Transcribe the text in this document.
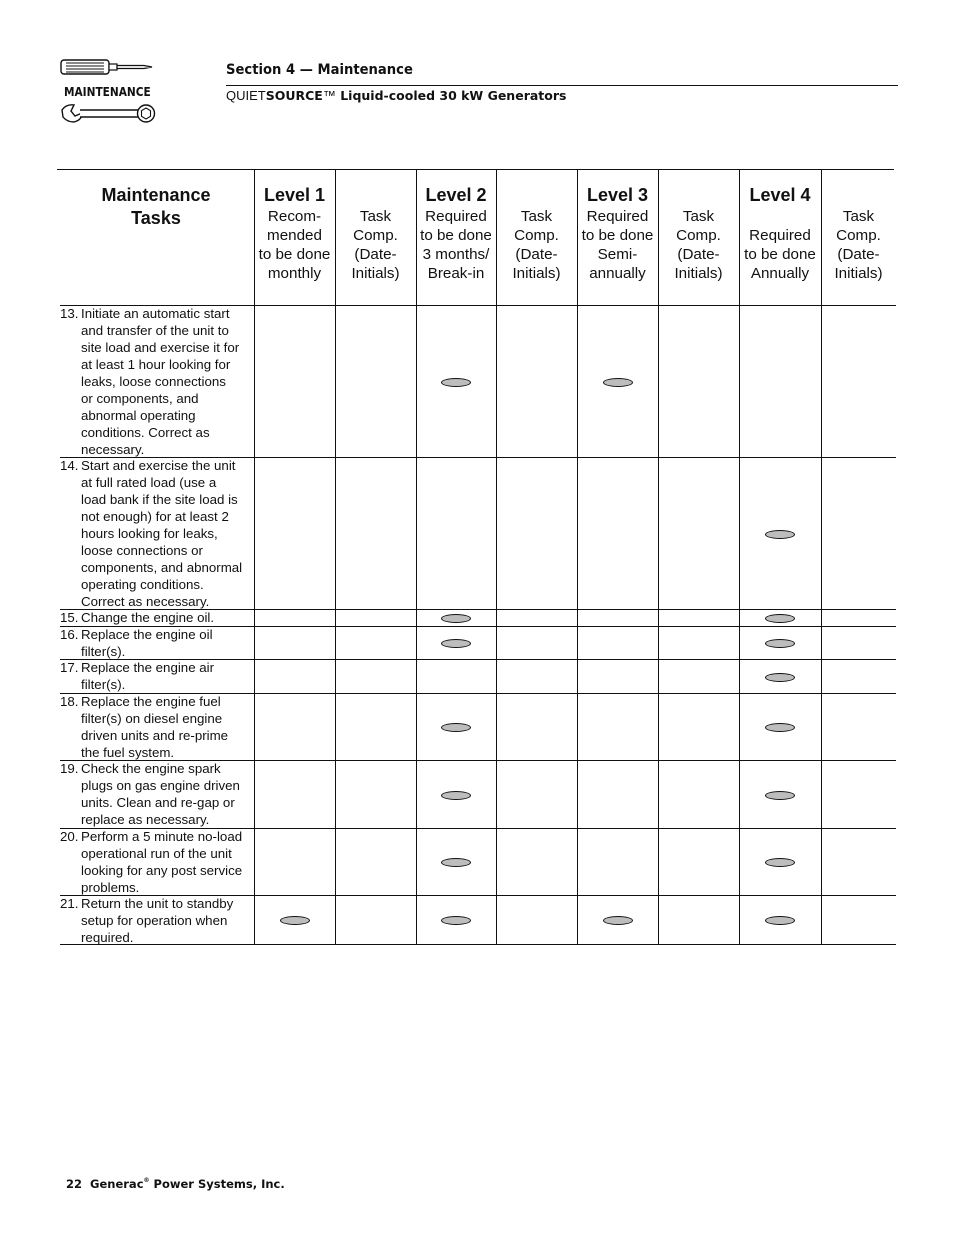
MAINTENANCE
Section 4 — Maintenance
QUIETSOURCE™ Liquid-cooled 30 kW Generators
Maintenance
Tasks
Level 1
Recom-
mended
to be done
monthly
Task
Comp.
(Date-
Initials)
Level 2
Required
to be done
3 months/
Break-in
Task
Comp.
(Date-
Initials)
Level 3
Required
to be done
Semi-
annually
Task
Comp.
(Date-
Initials)
Level 4
Required
to be done
Annually
Task
Comp.
(Date-
Initials)
13. Initiate an automatic start
and transfer of the unit to
site load and exercise it for
at least 1 hour looking for
leaks, loose connections
or components, and
abnormal operating
conditions. Correct as
necessary.
14. Start and exercise the unit
at full rated load (use a
load bank if the site load is
not enough) for at least 2
hours looking for leaks,
loose connections or
components, and abnormal
operating conditions.
Correct as necessary.
15. Change the engine oil.
16. Replace the engine oil
filter(s).
17. Replace the engine air
filter(s).
18. Replace the engine fuel
filter(s) on diesel engine
driven units and re-prime
the fuel system.
19. Check the engine spark
plugs on gas engine driven
units. Clean and re-gap or
replace as necessary.
20. Perform a 5 minute no-load
operational run of the unit
looking for any post service
problems.
21. Return the unit to standby
setup for operation when
required.
22 Generac® Power Systems, Inc.
